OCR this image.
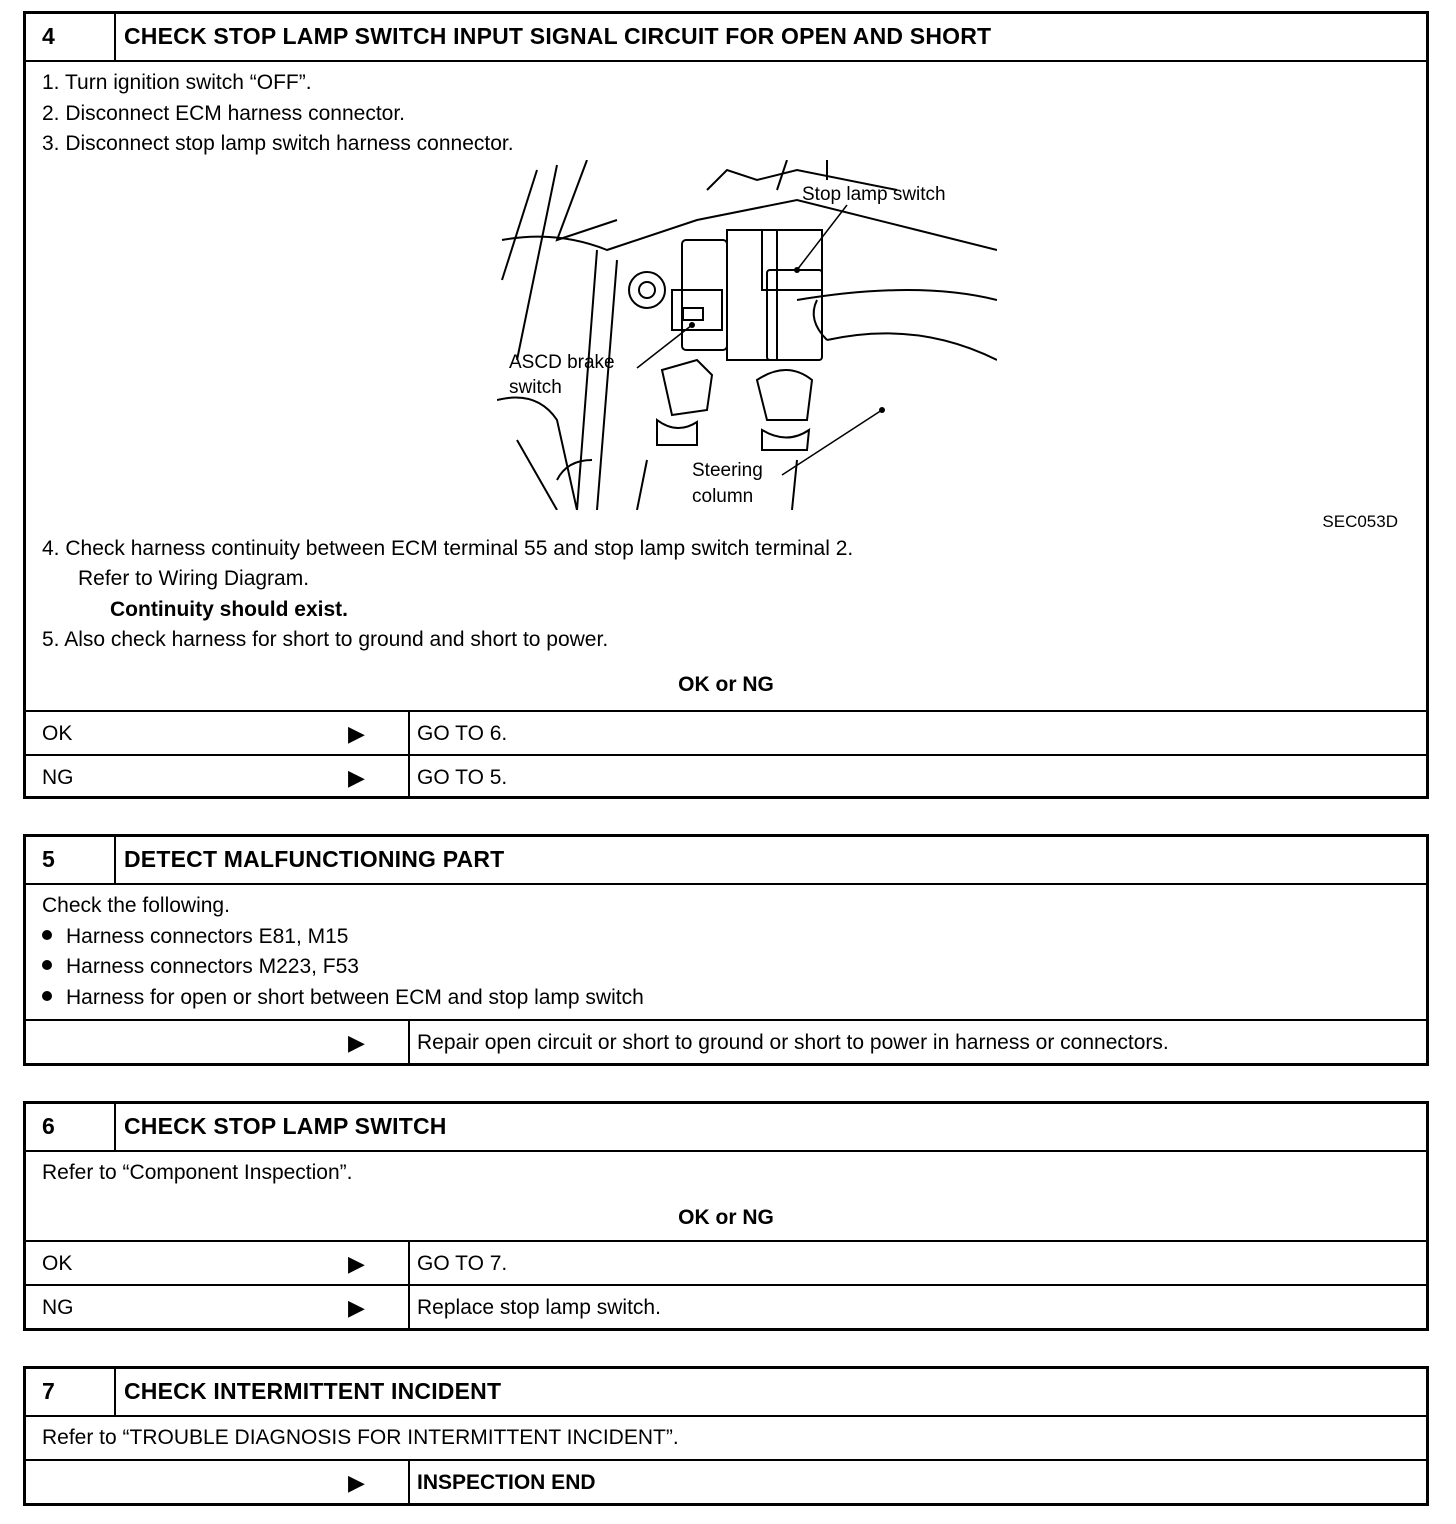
4	CHECK STOP LAMP SWITCH INPUT SIGNAL CIRCUIT FOR OPEN AND SHORT
1. Turn ignition switch “OFF”.
2. Disconnect ECM harness connector.
3. Disconnect stop lamp switch harness connector.
Stop lamp switch
ASCD brake
switch
Steering
column
SEC053D
4. Check harness continuity between ECM terminal 55 and stop lamp switch terminal 2.
Refer to Wiring Diagram.
Continuity should exist.
5. Also check harness for short to ground and short to power.
OK or NG
OK	▶	GO TO 6.
NG	▶	GO TO 5.
5	DETECT MALFUNCTIONING PART
Check the following.
Harness connectors E81, M15
Harness connectors M223, F53
Harness for open or short between ECM and stop lamp switch
▶	Repair open circuit or short to ground or short to power in harness or connectors.
6	CHECK STOP LAMP SWITCH
Refer to “Component Inspection”.
OK or NG
OK	▶	GO TO 7.
NG	▶	Replace stop lamp switch.
7	CHECK INTERMITTENT INCIDENT
Refer to “TROUBLE DIAGNOSIS FOR INTERMITTENT INCIDENT”.
▶	INSPECTION END
